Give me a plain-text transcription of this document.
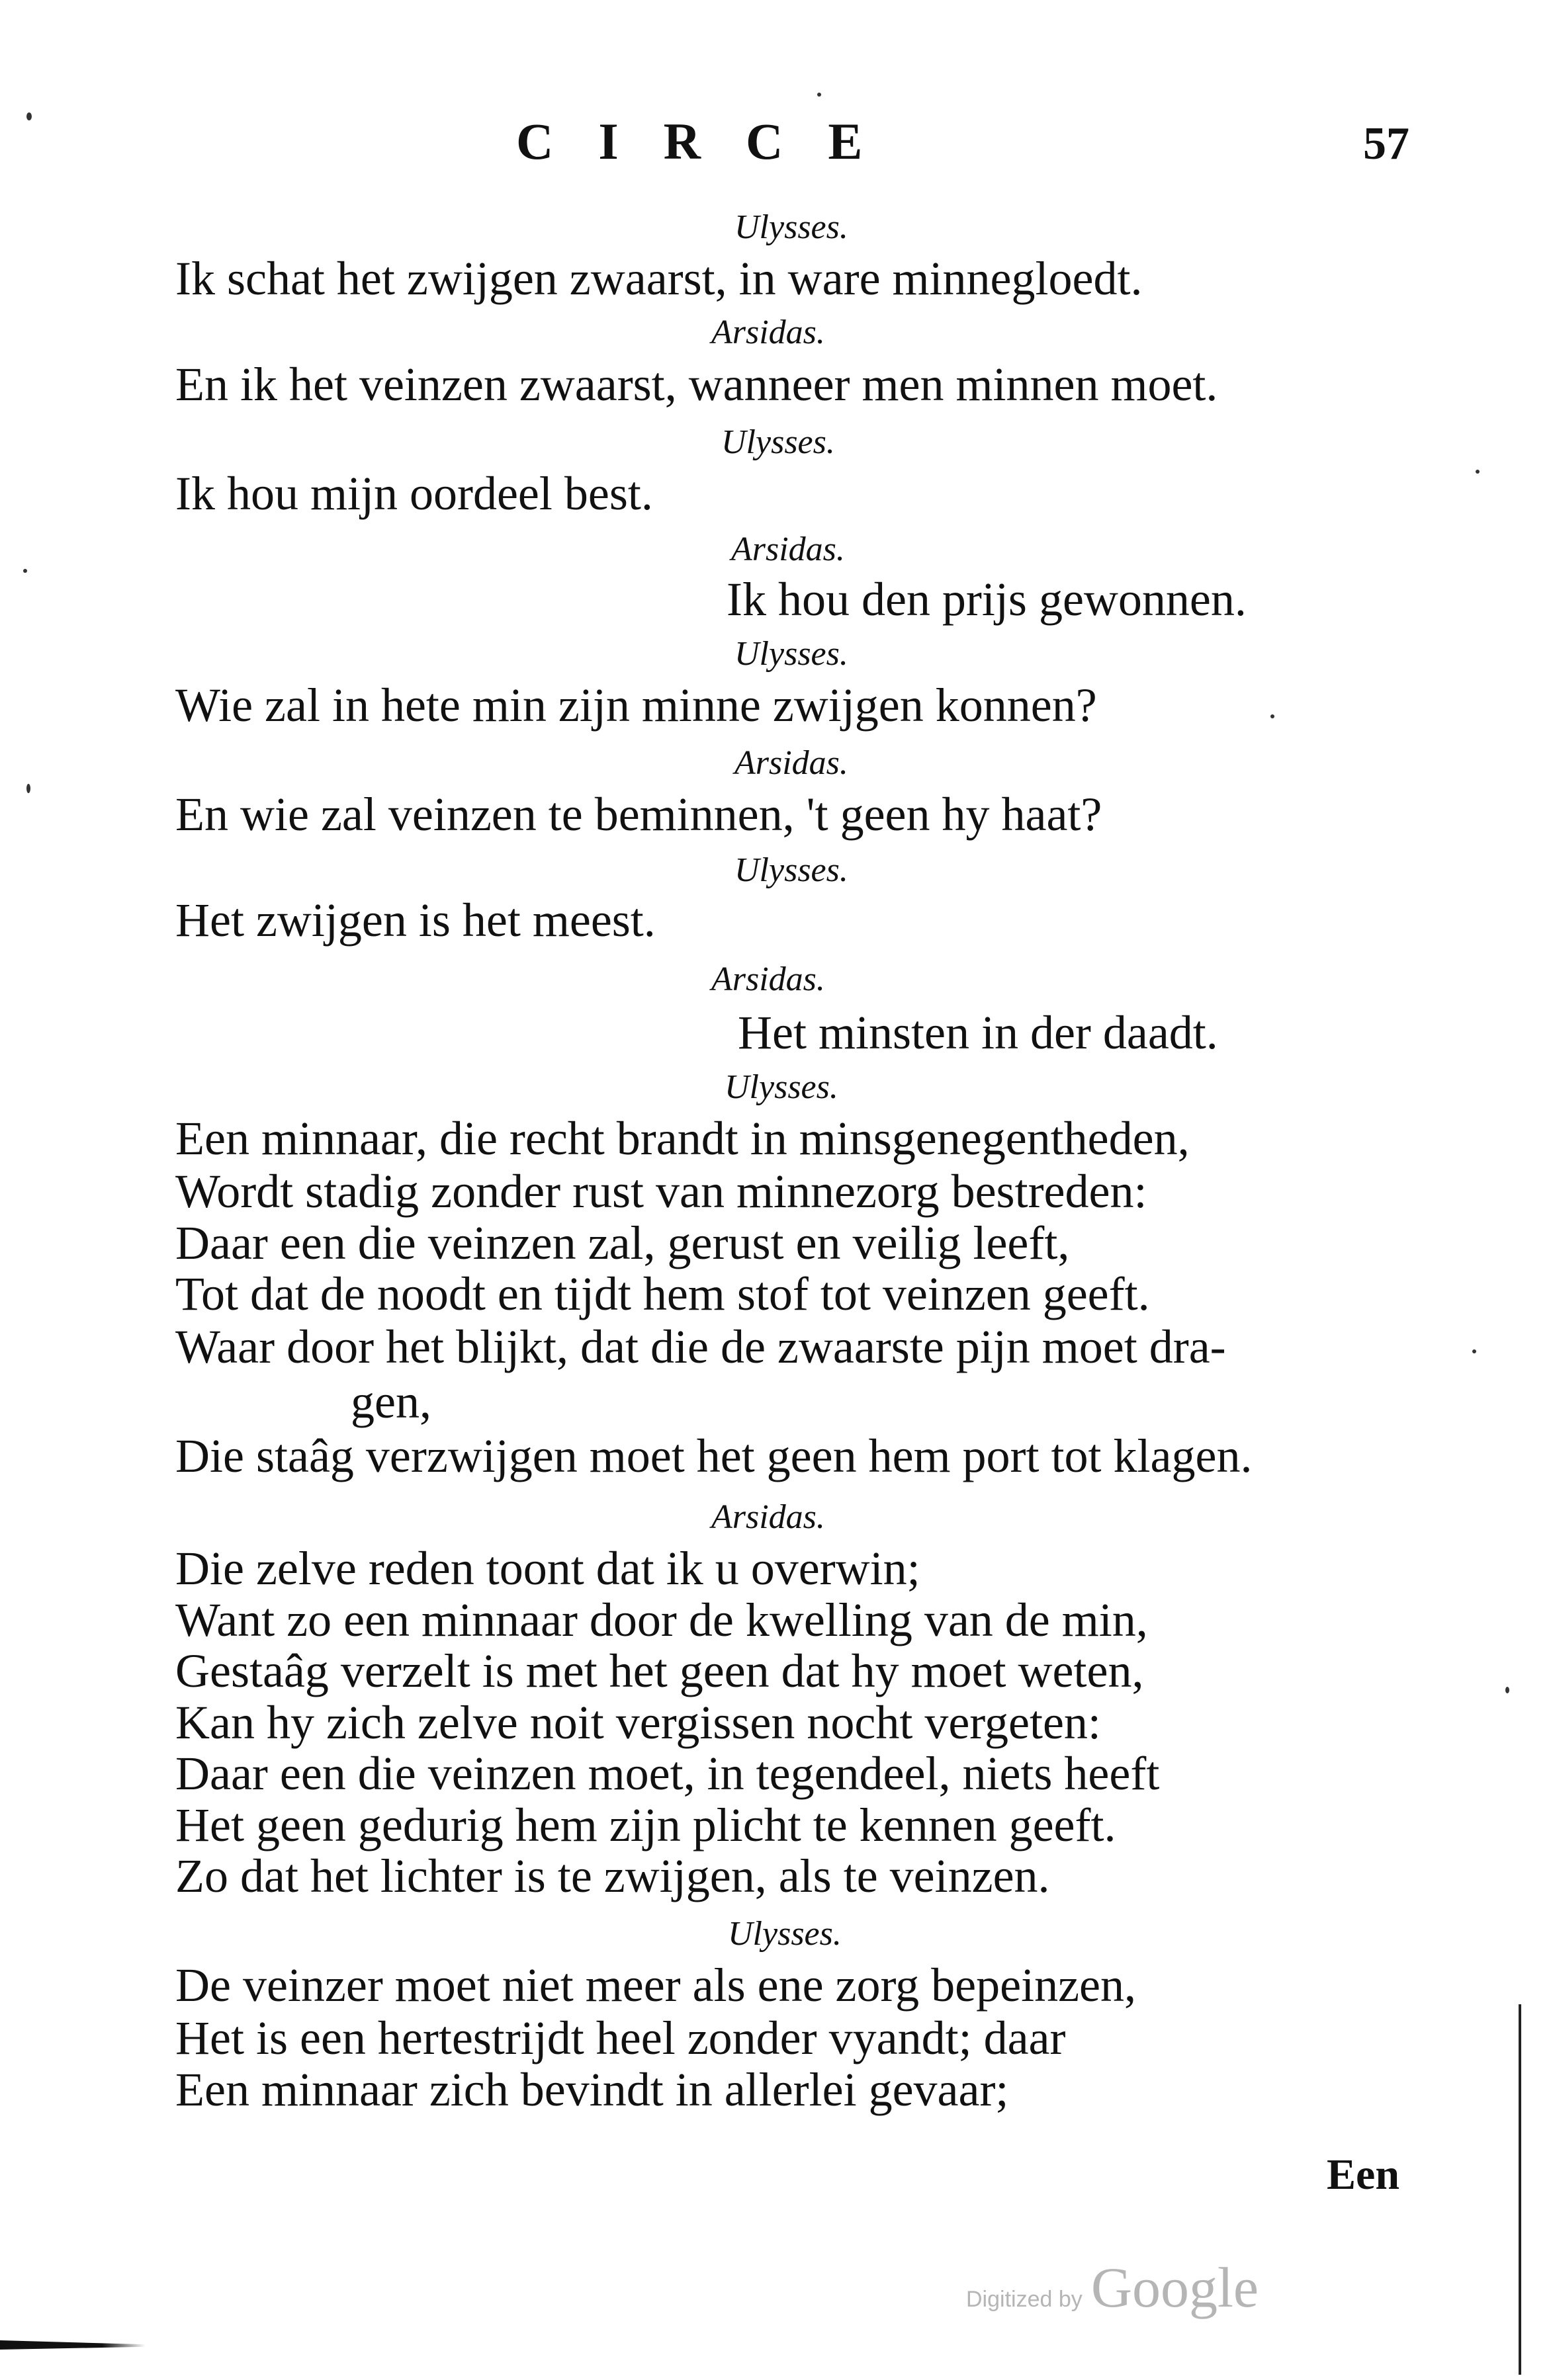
CIRCE	57
Ulysses.
Ik schat het zwijgen zwaarst, in ware minnegloedt.
Arsidas.
En ik het veinzen zwaarst, wanneer men minnen moet.
Ulysses.
Ik hou mijn oordeel best.
Arsidas.
Ik hou den prijs gewonnen.
Ulysses.
Wie zal in hete min zijn minne zwijgen konnen?
Arsidas.
En wie zal veinzen te beminnen, 't geen hy haat?
Ulysses.
Het zwijgen is het meest.
Arsidas.
Het minsten in der daadt.
Ulysses.
Een minnaar, die recht brandt in minsgenegentheden,
Wordt stadig zonder rust van minnezorg bestreden:
Daar een die veinzen zal, gerust en veilig leeft,
Tot dat de noodt en tijdt hem stof tot veinzen geeft.
Waar door het blijkt, dat die de zwaarste pijn moet dra-
gen,
Die staâg verzwijgen moet het geen hem port tot klagen.
Arsidas.
Die zelve reden toont dat ik u overwin;
Want zo een minnaar door de kwelling van de min,
Gestaâg verzelt is met het geen dat hy moet weten,
Kan hy zich zelve noit vergissen nocht vergeten:
Daar een die veinzen moet, in tegendeel, niets heeft
Het geen gedurig hem zijn plicht te kennen geeft.
Zo dat het lichter is te zwijgen, als te veinzen.
Ulysses.
De veinzer moet niet meer als ene zorg bepeinzen,
Het is een hertestrijdt heel zonder vyandt; daar
Een minnaar zich bevindt in allerlei gevaar;
Een
Digitized by Google
